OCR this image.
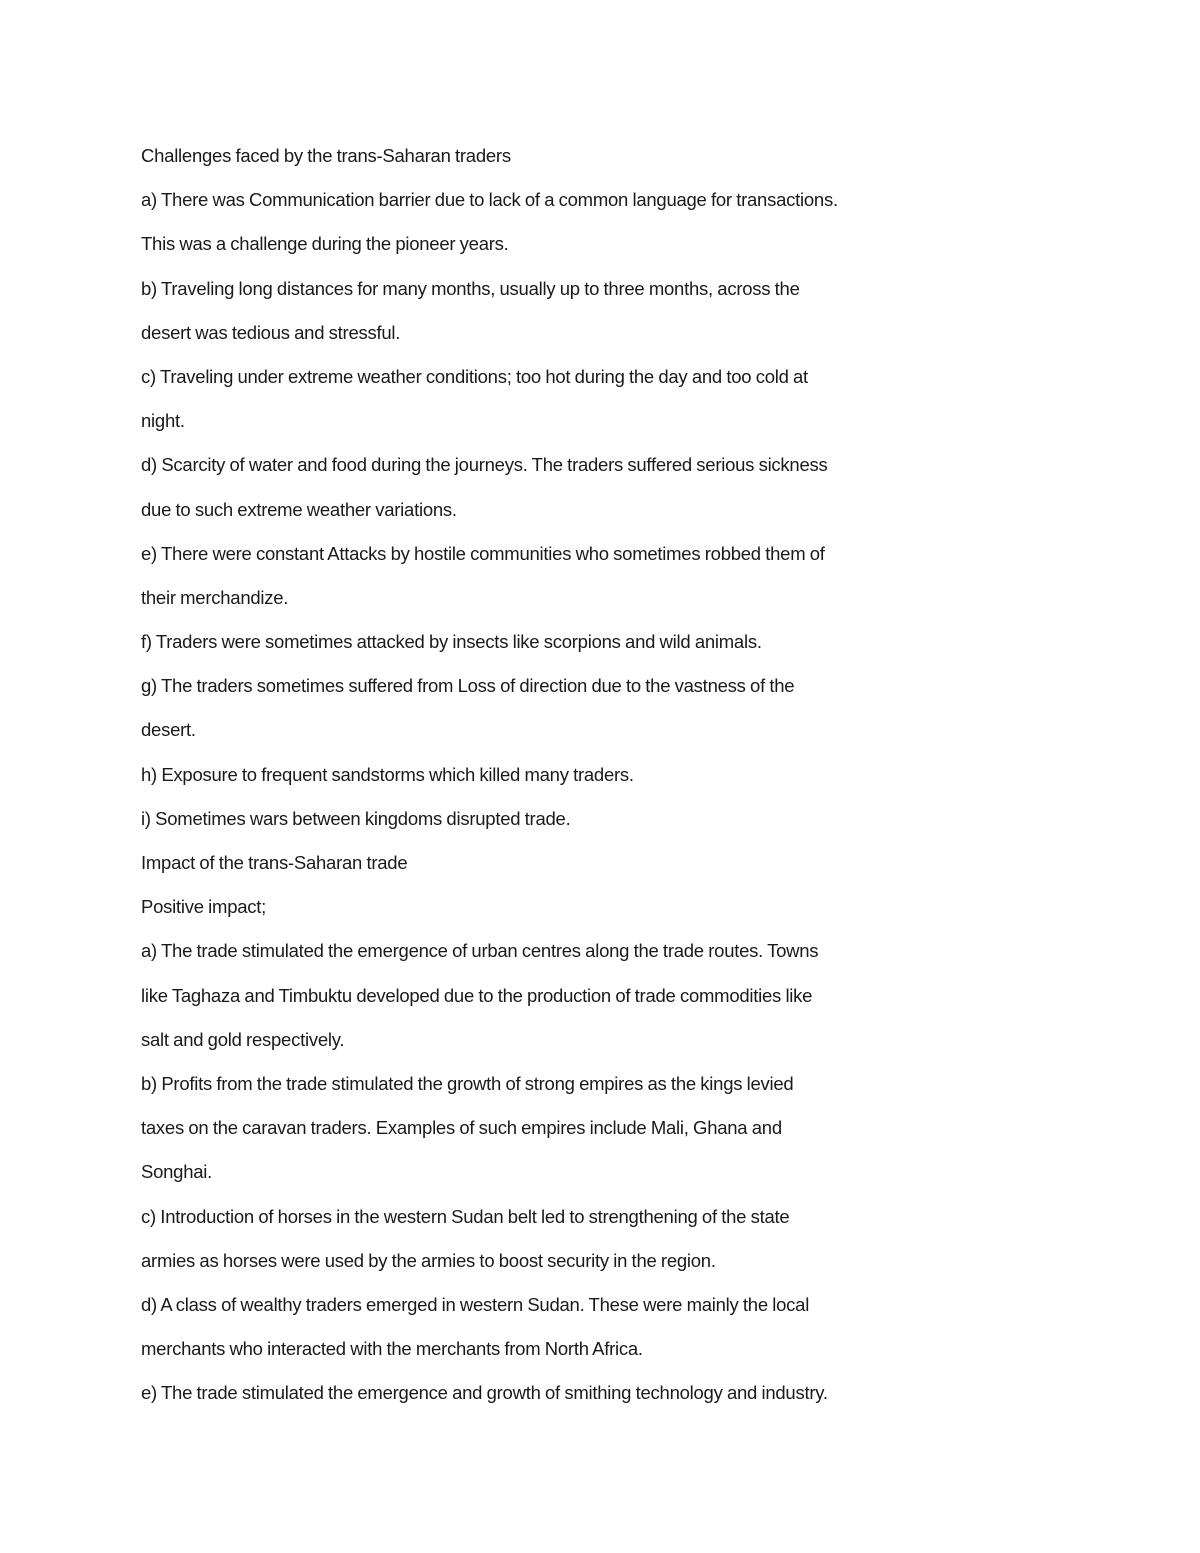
Challenges faced by the trans-Saharan traders
a) There was Communication barrier due to lack of a common language for transactions.
This was a challenge during the pioneer years.
b) Traveling long distances for many months, usually up to three months, across the
desert was tedious and stressful.
c) Traveling under extreme weather conditions; too hot during the day and too cold at
night.
d) Scarcity of water and food during the journeys. The traders suffered serious sickness
due to such extreme weather variations.
e) There were constant Attacks by hostile communities who sometimes robbed them of
their merchandize.
f) Traders were sometimes attacked by insects like scorpions and wild animals.
g) The traders sometimes suffered from Loss of direction due to the vastness of the
desert.
h) Exposure to frequent sandstorms which killed many traders.
i) Sometimes wars between kingdoms disrupted trade.
Impact of the trans-Saharan trade
Positive impact;
a) The trade stimulated the emergence of urban centres along the trade routes. Towns
like Taghaza and Timbuktu developed due to the production of trade commodities like
salt and gold respectively.
b) Profits from the trade stimulated the growth of strong empires as the kings levied
taxes on the caravan traders. Examples of such empires include Mali, Ghana and
Songhai.
c) Introduction of horses in the western Sudan belt led to strengthening of the state
armies as horses were used by the armies to boost security in the region.
d) A class of wealthy traders emerged in western Sudan. These were mainly the local
merchants who interacted with the merchants from North Africa.
e) The trade stimulated the emergence and growth of smithing technology and industry.
